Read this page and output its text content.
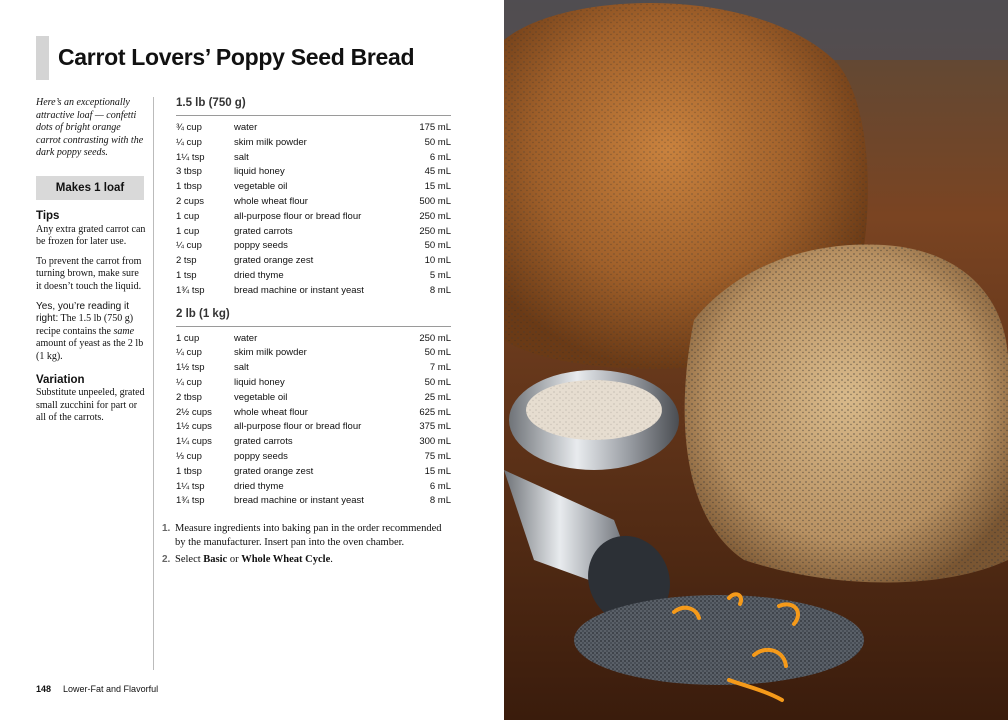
Carrot Lovers’ Poppy Seed Bread

Here’s an exceptionally attractive loaf — confetti dots of bright orange carrot contrasting with the dark poppy seeds.

Makes 1 loaf
Tips

Any extra grated carrot can be frozen for later use.

To prevent the carrot from turning brown, make sure it doesn’t touch the liquid.

Yes, you’re reading it right: The 1.5 lb (750 g) recipe contains the same amount of yeast as the 2 lb (1 kg).

Variation

Substitute unpeeled, grated small zucchini for part or all of the carrots.

1.5 lb (750 g)
¾ cup	water	175 mL
¼ cup	skim milk powder	50 mL
1¼ tsp	salt	6 mL
3 tbsp	liquid honey	45 mL
1 tbsp	vegetable oil	15 mL
2 cups	whole wheat flour	500 mL
1 cup	all-purpose flour or bread flour	250 mL
1 cup	grated carrots	250 mL
¼ cup	poppy seeds	50 mL
2 tsp	grated orange zest	10 mL
1 tsp	dried thyme	5 mL
1¾ tsp	bread machine or instant yeast	8 mL
2 lb (1 kg)
1 cup	water	250 mL
¼ cup	skim milk powder	50 mL
1½ tsp	salt	7 mL
¼ cup	liquid honey	50 mL
2 tbsp	vegetable oil	25 mL
2½ cups	whole wheat flour	625 mL
1½ cups	all-purpose flour or bread flour	375 mL
1¼ cups	grated carrots	300 mL
⅓ cup	poppy seeds	75 mL
1 tbsp	grated orange zest	15 mL
1¼ tsp	dried thyme	6 mL
1¾ tsp	bread machine or instant yeast	8 mL
1. Measure ingredients into baking pan in the order recommended by the manufacturer. Insert pan into the oven chamber.
2. Select Basic or Whole Wheat Cycle.
148 Lower-Fat and Flavorful
